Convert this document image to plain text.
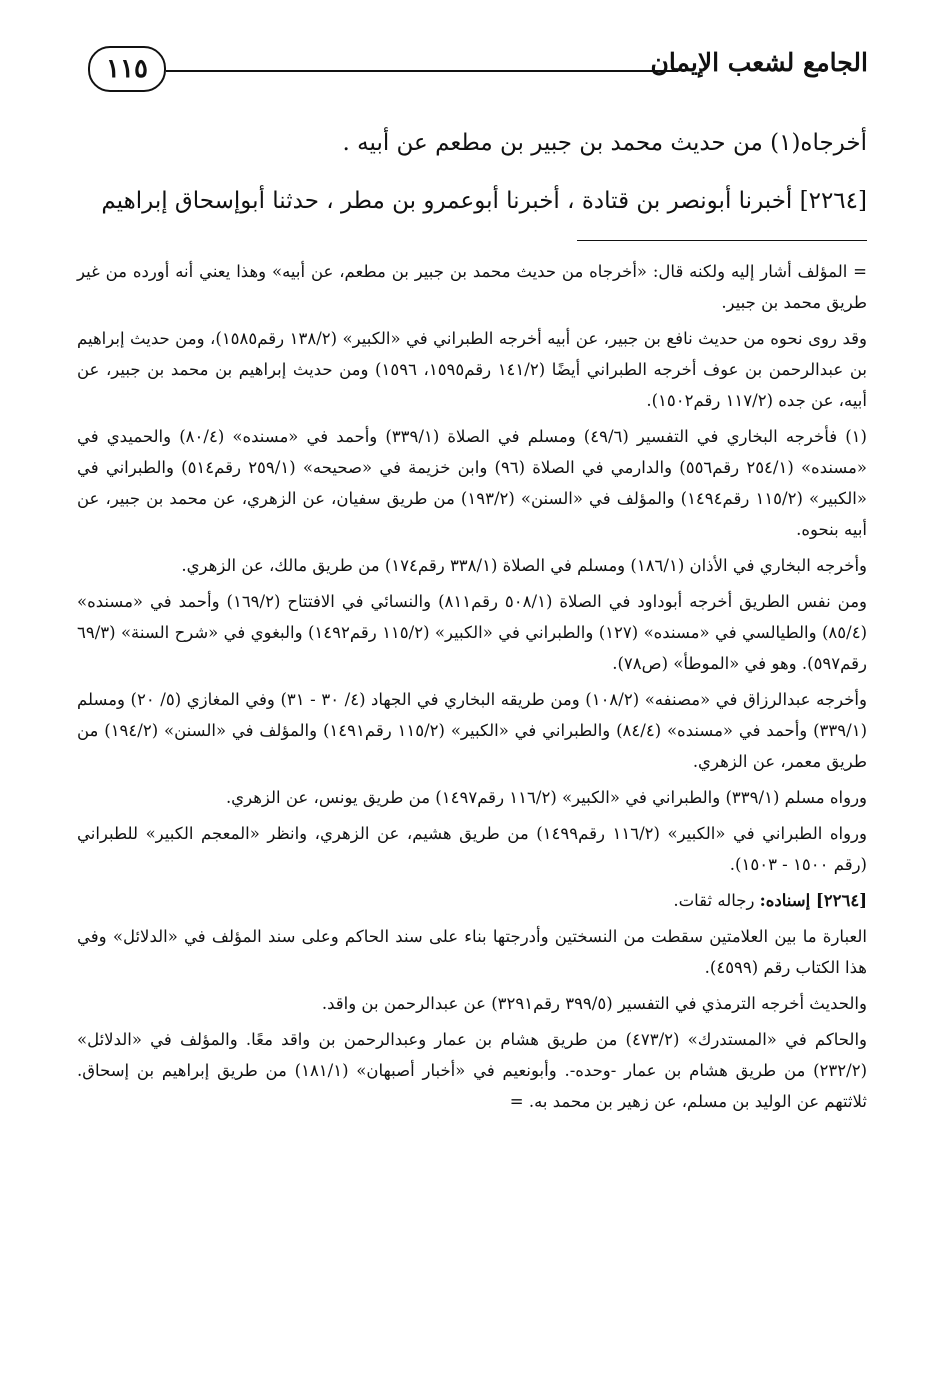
١١٥	الجامع لشعب الإيمان

أخرجاه(١) من حديث محمد بن جبير بن مطعم عن أبيه .

[٢٢٦٤] أخبرنا أبونصر بن قتادة ، أخبرنا أبوعمرو بن مطر ، حدثنا أبوإسحاق إبراهيم

= المؤلف أشار إليه ولكنه قال: «أخرجاه من حديث محمد بن جبير بن مطعم، عن أبيه» وهذا يعني أنه أورده من غير طريق محمد بن جبير.

وقد روى نحوه من حديث نافع بن جبير، عن أبيه أخرجه الطبراني في «الكبير» (١٣٨/٢ رقم١٥٨٥)، ومن حديث إبراهيم بن عبدالرحمن بن عوف أخرجه الطبراني أيضًا (١٤١/٢ رقم١٥٩٥، ١٥٩٦) ومن حديث إبراهيم بن محمد بن جبير، عن أبيه، عن جده (١١٧/٢ رقم١٥٠٢).

(١) فأخرجه البخاري في التفسير (٤٩/٦) ومسلم في الصلاة (٣٣٩/١) وأحمد في «مسنده» (٨٠/٤) والحميدي في «مسنده» (٢٥٤/١ رقم٥٥٦) والدارمي في الصلاة (٩٦) وابن خزيمة في «صحيحه» (٢٥٩/١ رقم٥١٤) والطبراني في «الكبير» (١١٥/٢ رقم١٤٩٤) والمؤلف في «السنن» (١٩٣/٢) من طريق سفيان، عن الزهري، عن محمد بن جبير، عن أبيه بنحوه.

وأخرجه البخاري في الأذان (١٨٦/١) ومسلم في الصلاة (٣٣٨/١ رقم١٧٤) من طريق مالك، عن الزهري.

ومن نفس الطريق أخرجه أبوداود في الصلاة (٥٠٨/١ رقم٨١١) والنسائي في الافتتاح (١٦٩/٢) وأحمد في «مسنده» (٨٥/٤) والطيالسي في «مسنده» (١٢٧) والطبراني في «الكبير» (١١٥/٢ رقم١٤٩٢) والبغوي في «شرح السنة» (٦٩/٣ رقم٥٩٧). وهو في «الموطأ» (ص٧٨).

وأخرجه عبدالرزاق في «مصنفه» (١٠٨/٢) ومن طريقه البخاري في الجهاد (٤/ ٣٠ - ٣١) وفي المغازي (٥/ ٢٠) ومسلم (٣٣٩/١) وأحمد في «مسنده» (٨٤/٤) والطبراني في «الكبير» (١١٥/٢ رقم١٤٩١) والمؤلف في «السنن» (١٩٤/٢) من طريق معمر، عن الزهري.

ورواه مسلم (٣٣٩/١) والطبراني في «الكبير» (١١٦/٢ رقم١٤٩٧) من طريق يونس، عن الزهري.

ورواه الطبراني في «الكبير» (١١٦/٢ رقم١٤٩٩) من طريق هشيم، عن الزهري، وانظر «المعجم الكبير» للطبراني (رقم ١٥٠٠ - ١٥٠٣).

[٢٢٦٤] إسناده: رجاله ثقات.

العبارة ما بين العلامتين سقطت من النسختين وأدرجتها بناء على سند الحاكم وعلى سند المؤلف في «الدلائل» وفي هذا الكتاب رقم (٤٥٩٩).

والحديث أخرجه الترمذي في التفسير (٣٩٩/٥ رقم٣٢٩١) عن عبدالرحمن بن واقد.

والحاكم في «المستدرك» (٤٧٣/٢) من طريق هشام بن عمار وعبدالرحمن بن واقد معًا. والمؤلف في «الدلائل» (٢٣٢/٢) من طريق هشام بن عمار -وحده-. وأبونعيم في «أخبار أصبهان» (١٨١/١) من طريق إبراهيم بن إسحاق. ثلاثتهم عن الوليد بن مسلم، عن زهير بن محمد به. =
